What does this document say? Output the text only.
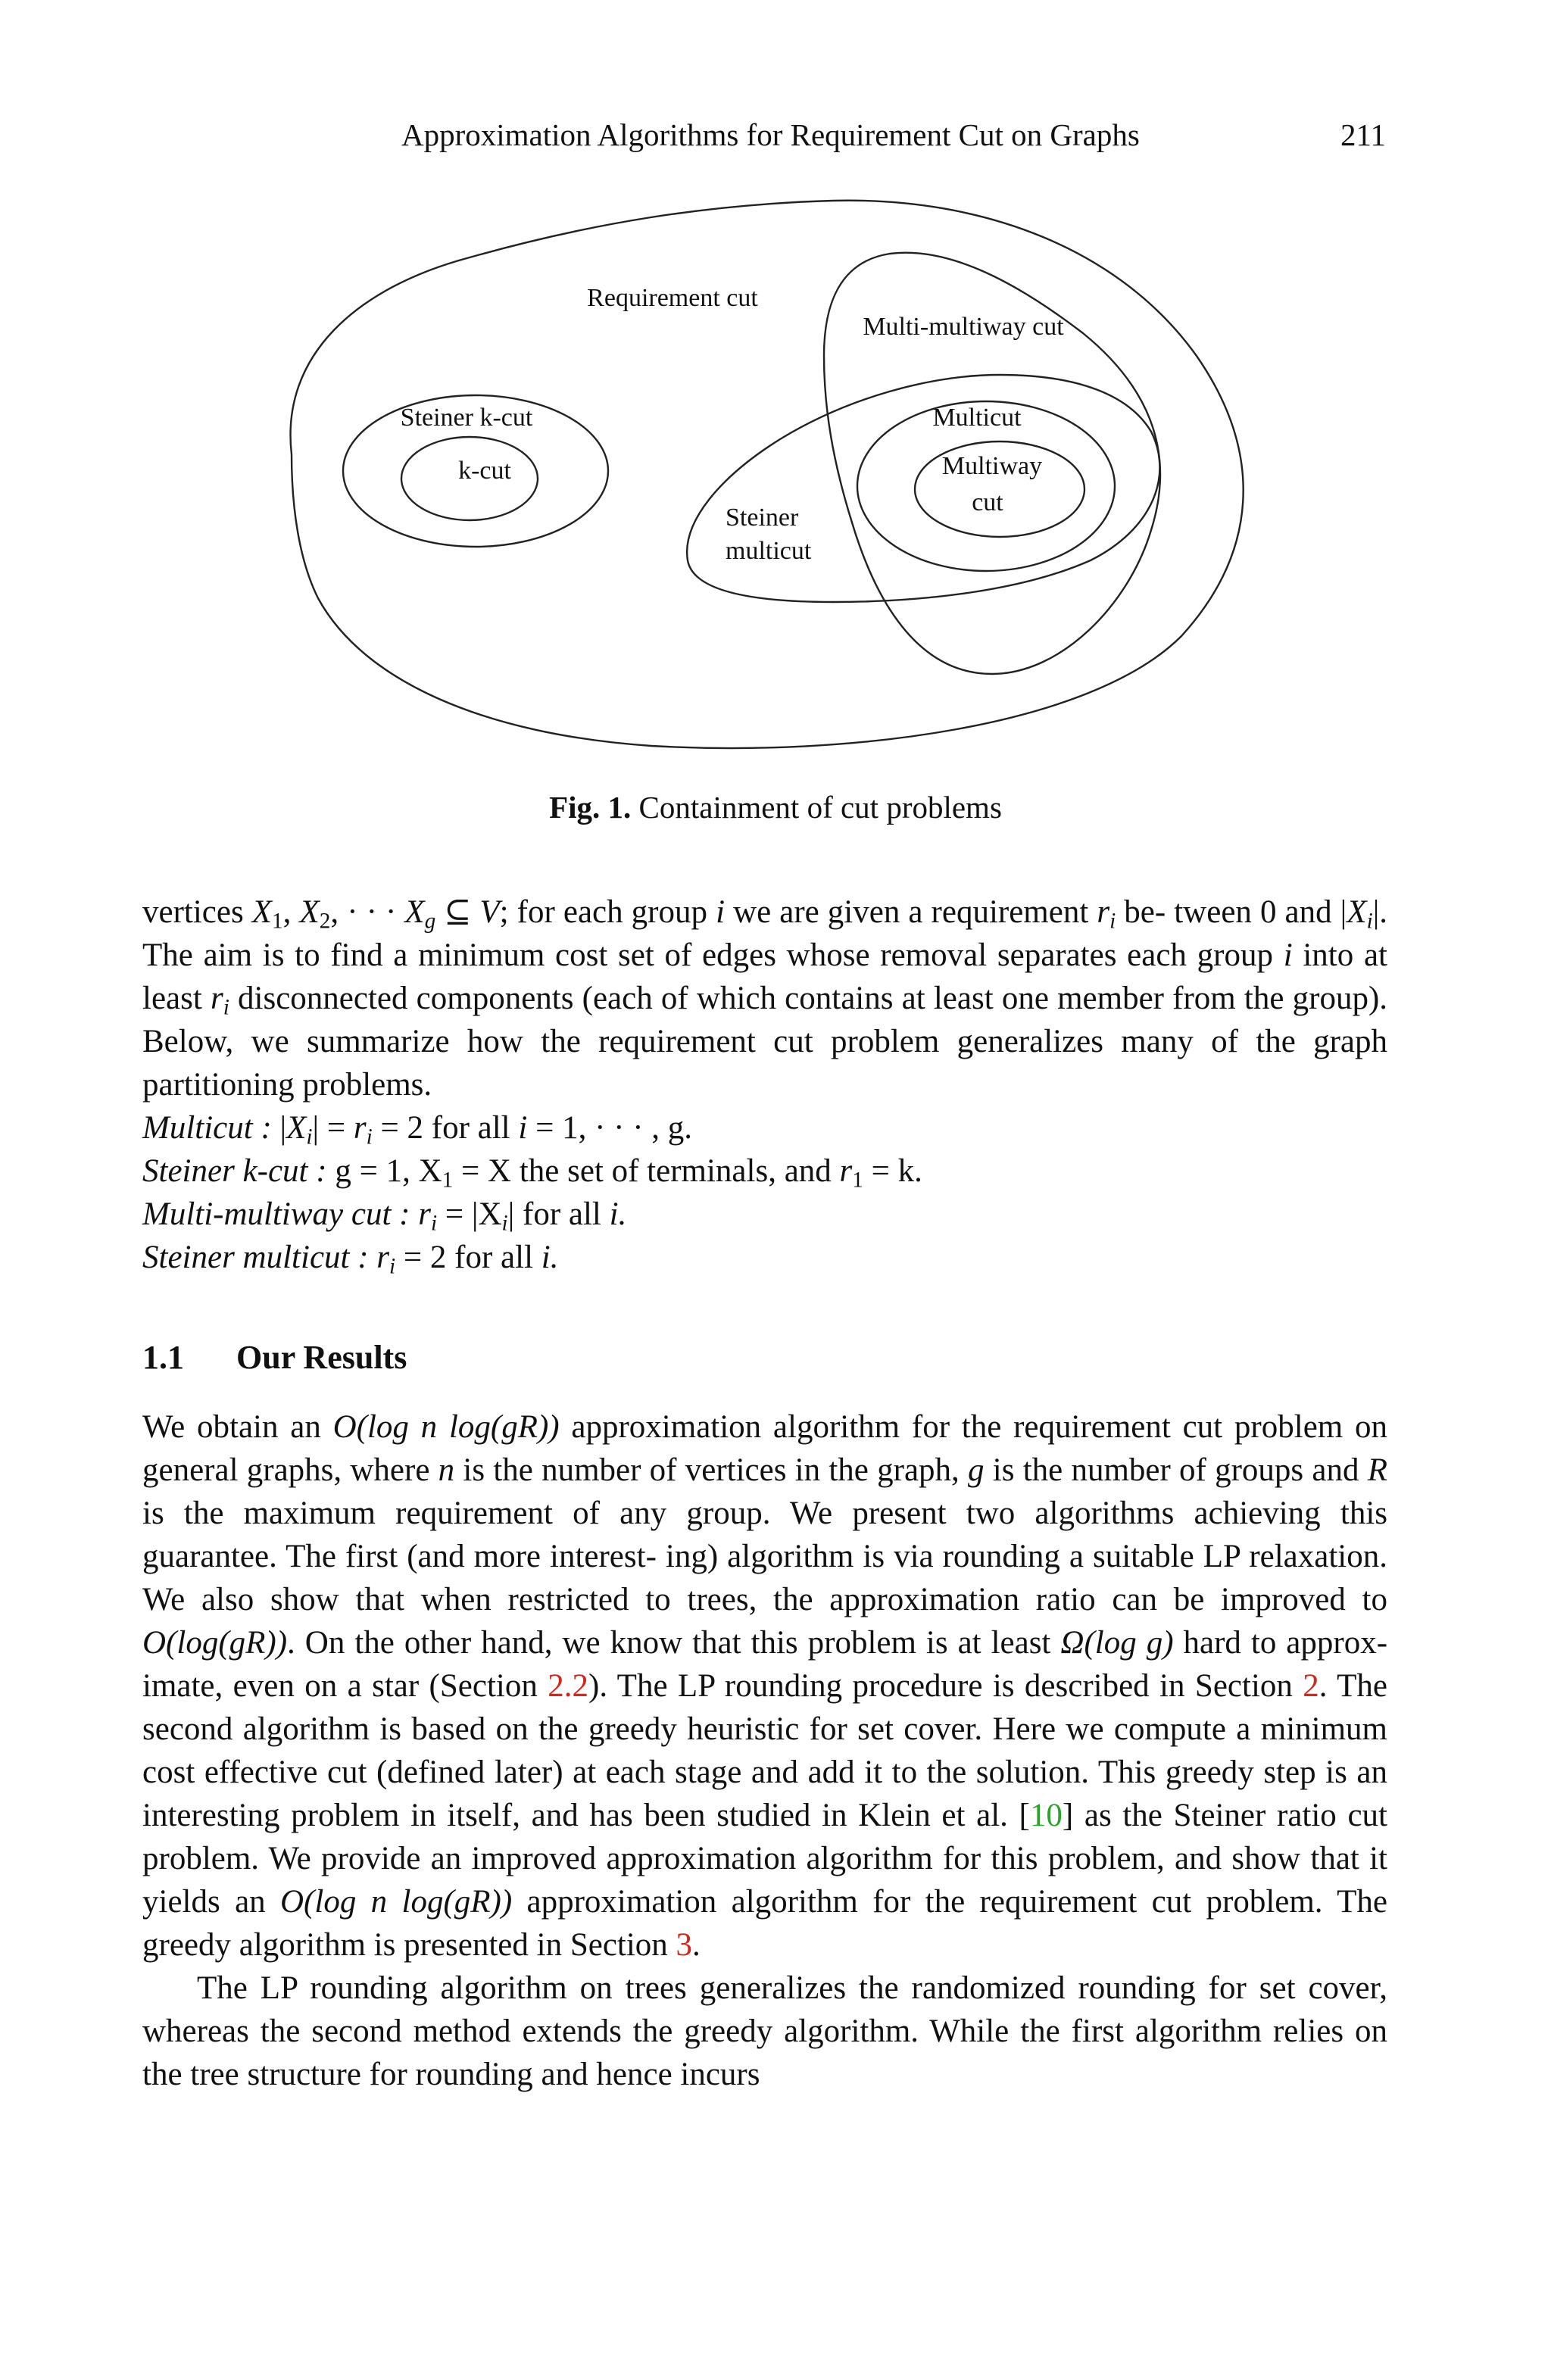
Approximation Algorithms for Requirement Cut on Graphs	211
Requirement cut
Multi-multiway cut
Steiner k-cut
k-cut
Multicut
Multiway
cut
Steiner
multicut
Fig. 1. Containment of cut problems

vertices $X_1$, $X_2$, · · · $X_g$ ⊆ V; for each group i we are given a requirement $r_i$ be- tween 0 and $|X_i|$. The aim is to find a minimum cost set of edges whose removal separates each group i into at least $r_i$ disconnected components (each of which contains at least one member from the group). Below, we summarize how the requirement cut problem generalizes many of the graph partitioning problems.

Multicut : $|X_i| = r_i = 2$ for all i = 1, · · · , g.

Steiner k-cut : g = 1, $X_1 = X$ the set of terminals, and $r_1 = k$.

Multi-multiway cut : $r_i = |X_i|$ for all i.

Steiner multicut : $r_i = 2$ for all i.

1.1 Our Results

We obtain an O(log n log(gR)) approximation algorithm for the requirement cut problem on general graphs, where n is the number of vertices in the graph, g is the number of groups and R is the maximum requirement of any group. We present two algorithms achieving this guarantee. The first (and more interest- ing) algorithm is via rounding a suitable LP relaxation. We also show that when restricted to trees, the approximation ratio can be improved to O(log(gR)). On the other hand, we know that this problem is at least Ω(log g) hard to approx- imate, even on a star (Section 2.2). The LP rounding procedure is described in Section 2. The second algorithm is based on the greedy heuristic for set cover. Here we compute a minimum cost effective cut (defined later) at each stage and add it to the solution. This greedy step is an interesting problem in itself, and has been studied in Klein et al. [10] as the Steiner ratio cut problem. We provide an improved approximation algorithm for this problem, and show that it yields an O(log n log(gR)) approximation algorithm for the requirement cut problem. The greedy algorithm is presented in Section 3.

The LP rounding algorithm on trees generalizes the randomized rounding for set cover, whereas the second method extends the greedy algorithm. While the first algorithm relies on the tree structure for rounding and hence incurs
